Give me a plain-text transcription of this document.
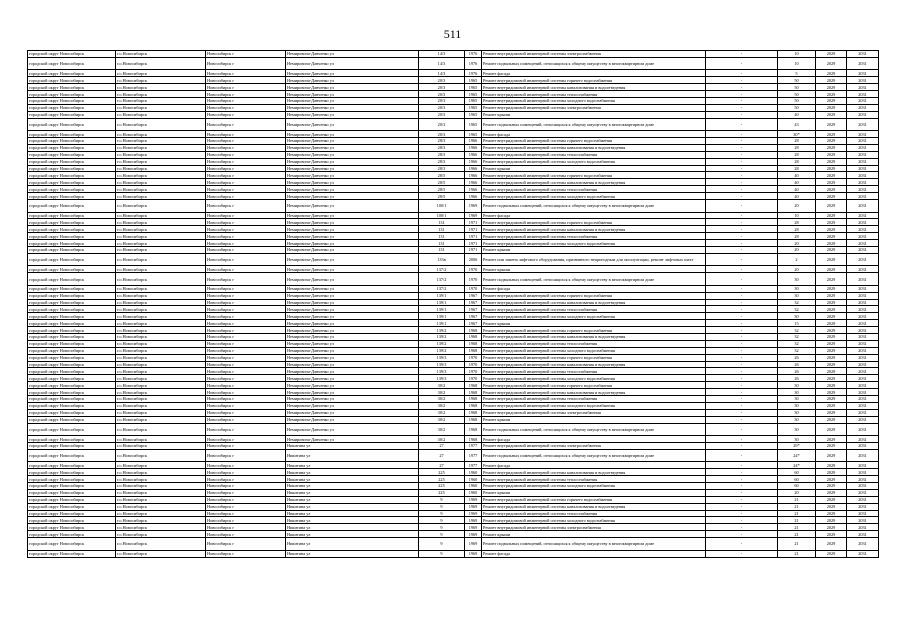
511
городской округ Новосибирск	г.о.Новосибирск	Новосибирск г	Немировича-Данченко ул	14/3	1976	Ремонт внутридомовой инженерной системы электроснабжения	-	10	2029	2031
городской округ Новосибирск	г.о.Новосибирск	Новосибирск г	Немировича-Данченко ул	14/3	1976	Ремонт подвальных помещений, относящихся к общему имуществу в многоквартирном доме	-	10	2029	2031
городской округ Новосибирск	г.о.Новосибирск	Новосибирск г	Немировича-Данченко ул	14/3	1976	Ремонт фасада	-	5	2029	2031
городской округ Новосибирск	г.о.Новосибирск	Новосибирск г	Немировича-Данченко ул	20/3	1965	Ремонт внутридомовой инженерной системы горячего водоснабжения	-	50	2029	2031
городской округ Новосибирск	г.о.Новосибирск	Новосибирск г	Немировича-Данченко ул	20/3	1965	Ремонт внутридомовой инженерной системы канализования и водоотведения	-	50	2029	2031
городской округ Новосибирск	г.о.Новосибирск	Новосибирск г	Немировича-Данченко ул	20/3	1965	Ремонт внутридомовой инженерной системы теплоснабжения	-	50	2029	2031
городской округ Новосибирск	г.о.Новосибирск	Новосибирск г	Немировича-Данченко ул	20/3	1965	Ремонт внутридомовой инженерной системы холодного водоснабжения	-	50	2029	2031
городской округ Новосибирск	г.о.Новосибирск	Новосибирск г	Немировича-Данченко ул	20/3	1965	Ремонт внутридомовой инженерной системы электроснабжения	-	50	2029	2031
городской округ Новосибирск	г.о.Новосибирск	Новосибирск г	Немировича-Данченко ул	20/3	1965	Ремонт крыши	-	40	2029	2031
городской округ Новосибирск	г.о.Новосибирск	Новосибирск г	Немировича-Данченко ул	20/3	1965	Ремонт подвальных помещений, относящихся к общему имуществу в многоквартирном доме	-	43	2029	2031
городской округ Новосибирск	г.о.Новосибирск	Новосибирск г	Немировича-Данченко ул	20/3	1965	Ремонт фасада	-	30*	2029	2031
городской округ Новосибирск	г.о.Новосибирск	Новосибирск г	Немировича-Данченко ул	28/3	1966	Ремонт внутридомовой инженерной системы горячего водоснабжения	-	28	2029	2031
городской округ Новосибирск	г.о.Новосибирск	Новосибирск г	Немировича-Данченко ул	28/3	1966	Ремонт внутридомовой инженерной системы канализования и водоотведения	-	28	2029	2031
городской округ Новосибирск	г.о.Новосибирск	Новосибирск г	Немировича-Данченко ул	28/3	1966	Ремонт внутридомовой инженерной системы теплоснабжения	-	28	2029	2031
городской округ Новосибирск	г.о.Новосибирск	Новосибирск г	Немировича-Данченко ул	28/3	1966	Ремонт внутридомовой инженерной системы холодного водоснабжения	-	28	2029	2031
городской округ Новосибирск	г.о.Новосибирск	Новосибирск г	Немировича-Данченко ул	28/3	1966	Ремонт крыши	-	28	2029	2031
городской округ Новосибирск	г.о.Новосибирск	Новосибирск г	Немировича-Данченко ул	28/5	1966	Ремонт внутридомовой инженерной системы горячего водоснабжения	-	40	2029	2031
городской округ Новосибирск	г.о.Новосибирск	Новосибирск г	Немировича-Данченко ул	28/5	1966	Ремонт внутридомовой инженерной системы канализования и водоотведения	-	40	2029	2031
городской округ Новосибирск	г.о.Новосибирск	Новосибирск г	Немировича-Данченко ул	28/5	1966	Ремонт внутридомовой инженерной системы теплоснабжения	-	40	2029	2031
городской округ Новосибирск	г.о.Новосибирск	Новосибирск г	Немировича-Данченко ул	28/5	1966	Ремонт внутридомовой инженерной системы холодного водоснабжения	-	40	2029	2031
городской округ Новосибирск	г.о.Новосибирск	Новосибирск г	Немировича-Данченко ул	100/1	1969	Ремонт подвальных помещений, относящихся к общему имуществу в многоквартирном доме	-	20	2029	2031
городской округ Новосибирск	г.о.Новосибирск	Новосибирск г	Немировича-Данченко ул	100/1	1969	Ремонт фасада	-	10	2029	2031
городской округ Новосибирск	г.о.Новосибирск	Новосибирск г	Немировича-Данченко ул	131	1971	Ремонт внутридомовой инженерной системы горячего водоснабжения	-	28	2029	2031
городской округ Новосибирск	г.о.Новосибирск	Новосибирск г	Немировича-Данченко ул	131	1971	Ремонт внутридомовой инженерной системы канализования и водоотведения	-	28	2029	2031
городской округ Новосибирск	г.о.Новосибирск	Новосибирск г	Немировича-Данченко ул	131	1971	Ремонт внутридомовой инженерной системы теплоснабжения	-	28	2029	2031
городской округ Новосибирск	г.о.Новосибирск	Новосибирск г	Немировича-Данченко ул	131	1971	Ремонт внутридомовой инженерной системы холодного водоснабжения	-	20	2029	2031
городской округ Новосибирск	г.о.Новосибирск	Новосибирск г	Немировича-Данченко ул	131	1971	Ремонт крыши	-	20	2029	2031
городской округ Новосибирск	г.о.Новосибирск	Новосибирск г	Немировича-Данченко ул	133в	2006	Ремонт или замена лифтового оборудования, признанного непригодным для эксплуатации, ремонт лифтовых шахт	-	2	2029	2031
городской округ Новосибирск	г.о.Новосибирск	Новосибирск г	Немировича-Данченко ул	137/2	1970	Ремонт крыши	-	20	2029	2031
городской округ Новосибирск	г.о.Новосибирск	Новосибирск г	Немировича-Данченко ул	137/2	1970	Ремонт подвальных помещений, относящихся к общему имуществу в многоквартирном доме	-	30	2029	2031
городской округ Новосибирск	г.о.Новосибирск	Новосибирск г	Немировича-Данченко ул	137/2	1970	Ремонт фасада	-	30	2029	2031
городской округ Новосибирск	г.о.Новосибирск	Новосибирск г	Немировича-Данченко ул	139/1	1967	Ремонт внутридомовой инженерной системы горячего водоснабжения	-	30	2029	2031
городской округ Новосибирск	г.о.Новосибирск	Новосибирск г	Немировича-Данченко ул	139/1	1967	Ремонт внутридомовой инженерной системы канализования и водоотведения	-	32	2029	2031
городской округ Новосибирск	г.о.Новосибирск	Новосибирск г	Немировича-Данченко ул	139/1	1967	Ремонт внутридомовой инженерной системы теплоснабжения	-	32	2029	2031
городской округ Новосибирск	г.о.Новосибирск	Новосибирск г	Немировича-Данченко ул	139/1	1967	Ремонт внутридомовой инженерной системы холодного водоснабжения	-	30	2029	2031
городской округ Новосибирск	г.о.Новосибирск	Новосибирск г	Немировича-Данченко ул	139/1	1967	Ремонт крыши	-	15	2029	2031
городской округ Новосибирск	г.о.Новосибирск	Новосибирск г	Немировича-Данченко ул	139/2	1968	Ремонт внутридомовой инженерной системы горячего водоснабжения	-	32	2029	2031
городской округ Новосибирск	г.о.Новосибирск	Новосибирск г	Немировича-Данченко ул	139/2	1968	Ремонт внутридомовой инженерной системы канализования и водоотведения	-	32	2029	2031
городской округ Новосибирск	г.о.Новосибирск	Новосибирск г	Немировича-Данченко ул	139/2	1968	Ремонт внутридомовой инженерной системы теплоснабжения	-	32	2029	2031
городской округ Новосибирск	г.о.Новосибирск	Новосибирск г	Немировича-Данченко ул	139/2	1968	Ремонт внутридомовой инженерной системы холодного водоснабжения	-	32	2029	2031
городской округ Новосибирск	г.о.Новосибирск	Новосибирск г	Немировича-Данченко ул	139/3	1970	Ремонт внутридомовой инженерной системы горячего водоснабжения	-	26	2029	2031
городской округ Новосибирск	г.о.Новосибирск	Новосибирск г	Немировича-Данченко ул	139/3	1970	Ремонт внутридомовой инженерной системы канализования и водоотведения	-	26	2029	2031
городской округ Новосибирск	г.о.Новосибирск	Новосибирск г	Немировича-Данченко ул	139/3	1970	Ремонт внутридомовой инженерной системы теплоснабжения	-	26	2029	2031
городской округ Новосибирск	г.о.Новосибирск	Новосибирск г	Немировича-Данченко ул	139/3	1970	Ремонт внутридомовой инженерной системы холодного водоснабжения	-	26	2029	2031
городской округ Новосибирск	г.о.Новосибирск	Новосибирск г	Немировича-Данченко ул	30/2	1968	Ремонт внутридомовой инженерной системы горячего водоснабжения	-	30	2029	2031
городской округ Новосибирск	г.о.Новосибирск	Новосибирск г	Немировича-Данченко ул	30/2	1968	Ремонт внутридомовой инженерной системы канализования и водоотведения	-	30	2029	2031
городской округ Новосибирск	г.о.Новосибирск	Новосибирск г	Немировича-Данченко ул	30/2	1968	Ремонт внутридомовой инженерной системы теплоснабжения	-	30	2029	2031
городской округ Новосибирск	г.о.Новосибирск	Новосибирск г	Немировича-Данченко ул	30/2	1968	Ремонт внутридомовой инженерной системы холодного водоснабжения	-	30	2029	2031
городской округ Новосибирск	г.о.Новосибирск	Новосибирск г	Немировича-Данченко ул	30/2	1968	Ремонт внутридомовой инженерной системы электроснабжения	-	30	2029	2031
городской округ Новосибирск	г.о.Новосибирск	Новосибирск г	Немировича-Данченко ул	30/2	1968	Ремонт крыши	-	30	2029	2031
городской округ Новосибирск	г.о.Новосибирск	Новосибирск г	Немировича-Данченко ул	30/2	1968	Ремонт подвальных помещений, относящихся к общему имуществу в многоквартирном доме	-	30	2029	2031
городской округ Новосибирск	г.о.Новосибирск	Новосибирск г	Немировича-Данченко ул	30/2	1968	Ремонт фасада	-	30	2029	2031
городской округ Новосибирск	г.о.Новосибирск	Новосибирск г	Никитина ул	27	1977	Ремонт внутридомовой инженерной системы электроснабжения	-	29*	2029	2031
городской округ Новосибирск	г.о.Новосибирск	Новосибирск г	Никитина ул	27	1977	Ремонт подвальных помещений, относящихся к общему имуществу в многоквартирном доме	-	24*	2029	2031
городской округ Новосибирск	г.о.Новосибирск	Новосибирск г	Никитина ул	27	1977	Ремонт фасада	-	24*	2029	2031
городской округ Новосибирск	г.о.Новосибирск	Новосибирск г	Никитина ул	225	1960	Ремонт внутридомовой инженерной системы канализования и водоотведения	-	60	2029	2031
городской округ Новосибирск	г.о.Новосибирск	Новосибирск г	Никитина ул	225	1960	Ремонт внутридомовой инженерной системы теплоснабжения	-	60	2029	2031
городской округ Новосибирск	г.о.Новосибирск	Новосибирск г	Никитина ул	225	1960	Ремонт внутридомовой инженерной системы холодного водоснабжения	-	60	2029	2031
городской округ Новосибирск	г.о.Новосибирск	Новосибирск г	Никитина ул	225	1960	Ремонт крыши	-	20	2029	2031
городской округ Новосибирск	г.о.Новосибирск	Новосибирск г	Никитина ул	9	1969	Ремонт внутридомовой инженерной системы горячего водоснабжения	-	21	2029	2031
городской округ Новосибирск	г.о.Новосибирск	Новосибирск г	Никитина ул	9	1969	Ремонт внутридомовой инженерной системы канализования и водоотведения	-	21	2029	2031
городской округ Новосибирск	г.о.Новосибирск	Новосибирск г	Никитина ул	9	1969	Ремонт внутридомовой инженерной системы теплоснабжения	-	21	2029	2031
городской округ Новосибирск	г.о.Новосибирск	Новосибирск г	Никитина ул	9	1969	Ремонт внутридомовой инженерной системы холодного водоснабжения	-	21	2029	2031
городской округ Новосибирск	г.о.Новосибирск	Новосибирск г	Никитина ул	9	1969	Ремонт внутридомовой инженерной системы электроснабжения	-	21	2029	2031
городской округ Новосибирск	г.о.Новосибирск	Новосибирск г	Никитина ул	9	1969	Ремонт крыши	-	21	2029	2031
городской округ Новосибирск	г.о.Новосибирск	Новосибирск г	Никитина ул	9	1969	Ремонт подвальных помещений, относящихся к общему имуществу в многоквартирном доме	-	21	2029	2031
городской округ Новосибирск	г.о.Новосибирск	Новосибирск г	Никитина ул	9	1969	Ремонт фасада	-	21	2029	2031
